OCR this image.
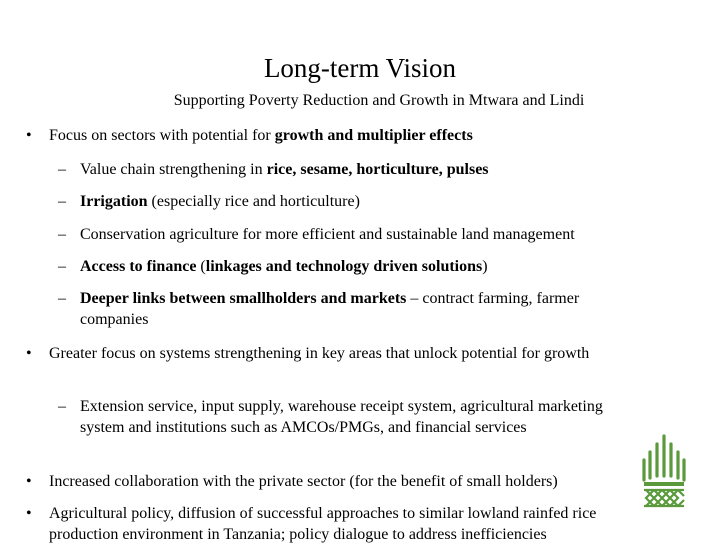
Long-term Vision
Supporting Poverty Reduction and Growth in Mtwara and Lindi
• Focus on sectors with potential for growth and multiplier effects
– Value chain strengthening in rice, sesame, horticulture, pulses
– Irrigation (especially rice and horticulture)
– Conservation agriculture for more efficient and sustainable land management
– Access to finance (linkages and technology driven solutions)
– Deeper links between smallholders and markets – contract farming, farmer companies
• Greater focus on systems strengthening in key areas that unlock potential for growth
– Extension service, input supply, warehouse receipt system, agricultural marketing system and institutions such as AMCOs/PMGs, and financial services
• Increased collaboration with the private sector (for the benefit of small holders)
• Agricultural policy, diffusion of successful approaches to similar lowland rainfed rice production environment in Tanzania; policy dialogue to address inefficiencies
